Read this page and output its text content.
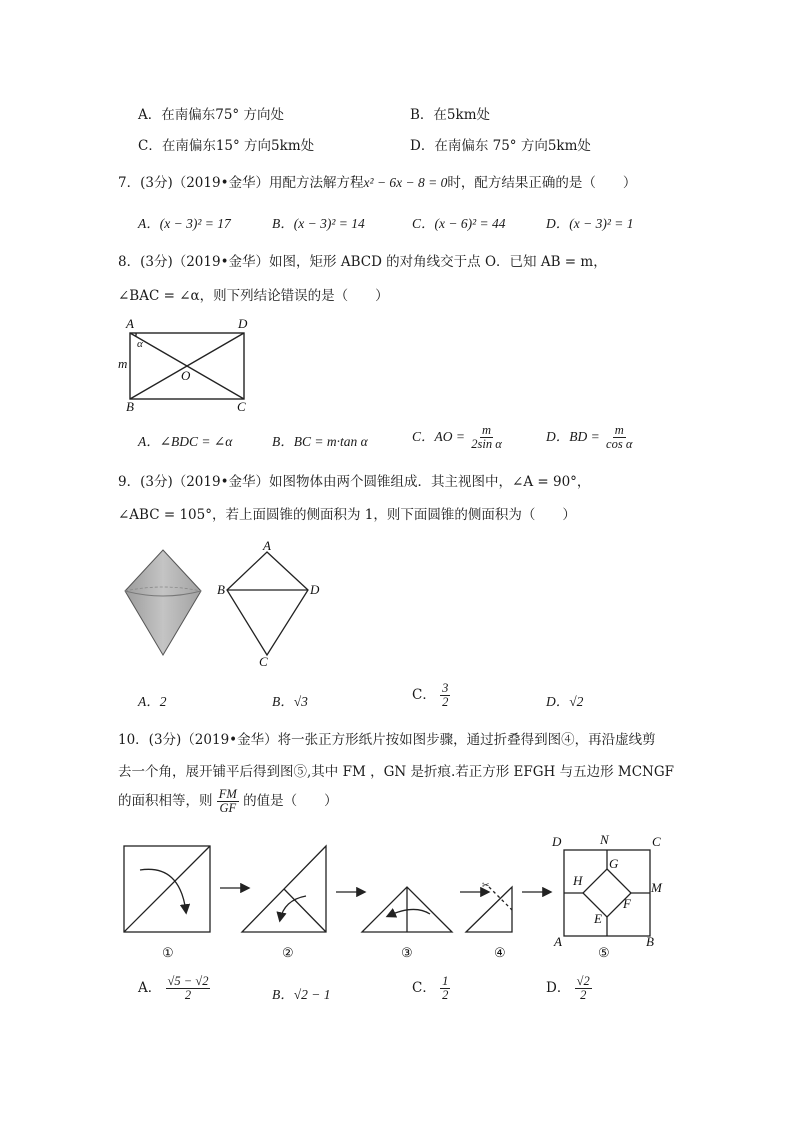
A．在南偏东75° 方向处	B．在5km处
C．在南偏东15° 方向5km处	D．在南偏东 75° 方向5km处
7．(3分)（2019•金华）用配方法解方程x² − 6x − 8 = 0时，配方结果正确的是（　　）
A．(x − 3)² = 17	B．(x − 3)² = 14	C．(x − 6)² = 44	D．(x − 3)² = 1
8．(3分)（2019•金华）如图，矩形 ABCD 的对角线交于点 O．已知 AB = m，
∠BAC = ∠α，则下列结论错误的是（　　）
A	D
B	C
O
m
α
A．∠BDC = ∠α	B．BC = m·tan α	C．AO = $\frac{m}{\text{2sin α}}$	D．BD = $\frac{m}{\text{cos α}}$
9．(3分)（2019•金华）如图物体由两个圆锥组成．其主视图中，∠A = 90°，
∠ABC = 105°，若上面圆锥的侧面积为 1，则下面圆锥的侧面积为（　　）
A
B	D
C
A．2	B．√3	C． $\frac{3}{2}$	D．√2
10．(3分)（2019•金华）将一张正方形纸片按如图步骤，通过折叠得到图④，再沿虚线剪
去一个角，展开铺平后得到图⑤,其中 FM ，GN 是折痕.若正方形 EFGH 与五边形 MCNGF
的面积相等，则 $\frac{FM}{GF}$ 的值是（　　）
✂
①	②	③	④	⑤
D	N	C
M
G
H
F
E
A	B
A． $\frac{√5 - √2}{2}$	B．√2 − 1	C． $\frac{1}{2}$	D． $\frac{√2}{2}$
